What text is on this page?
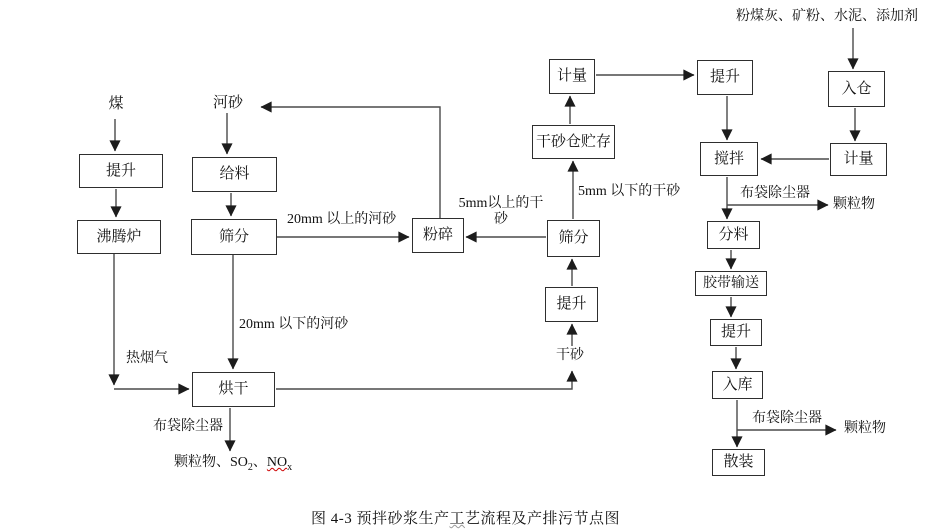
提升
沸腾炉
给料
筛分	粉碎	筛分
提升
干砂仓贮存
计量	提升
入仓
计量
搅拌
分料
胶带输送
提升
入库
散装
烘干
煤	河砂
粉煤灰、矿粉、水泥、添加剂
20mm 以上的河砂
20mm 以下的河砂
5mm以上的干
砂
5mm 以下的干砂
热烟气	干砂
布袋除尘器
颗粒物
布袋除尘器
布袋除尘器
颗粒物
颗粒物、$SO_2$、$NO_x$
图 4-3 预拌砂浆生产工艺流程及产排污节点图
